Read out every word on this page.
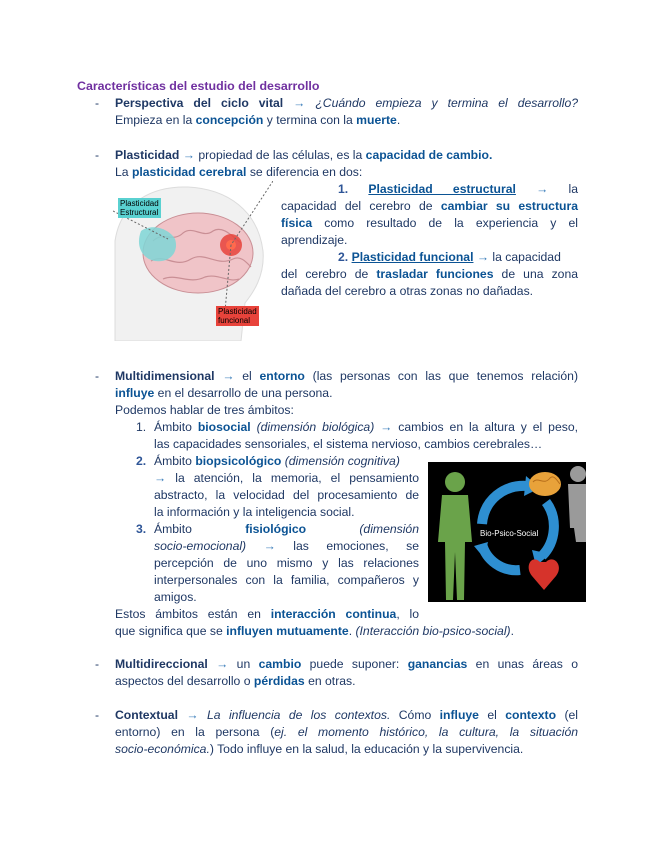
Características del estudio del desarrollo
- Perspectiva del ciclo vital → ¿Cuándo empieza y termina el desarrollo?
Empieza en la concepción y termina con la muerte.
- Plasticidad → propiedad de las células, es la capacidad de cambio.
La plasticidad cerebral se diferencia en dos:
Plasticidad
Estructural
Plasticidad
funcional
1. Plasticidad estructural → la
capacidad del cerebro de cambiar su estructura
física como resultado de la experiencia y el
aprendizaje.
2. Plasticidad funcional → la capacidad
del cerebro de trasladar funciones de una zona
dañada del cerebro a otras zonas no dañadas.
- Multidimensional → el entorno (las personas con las que tenemos relación)
influye en el desarrollo de una persona.
Podemos hablar de tres ámbitos:
1. Ámbito biosocial (dimensión biológica) → cambios en la altura y el peso,
las capacidades sensoriales, el sistema nervioso, cambios cerebrales…
2. Ámbito biopsicológico (dimensión cognitiva)
→ la atención, la memoria, el pensamiento
abstracto, la velocidad del procesamiento de
la información y la inteligencia social.
3. Ámbito	fisiológico	(dimensión
socio-emocional) → las emociones, se
percepción de uno mismo y las relaciones
interpersonales con la familia, compañeros y
amigos.
Estos ámbitos están en interacción continua, lo
que significa que se influyen mutuamente. (Interacción bio-psico-social).
Bio-Psico-Social
- Multidireccional → un cambio puede suponer: ganancias en unas áreas o
aspectos del desarrollo o pérdidas en otras.
- Contextual → La influencia de los contextos. Cómo influye el contexto (el
entorno) en la persona (ej. el momento histórico, la cultura, la situación
socio-económica.) Todo influye en la salud, la educación y la supervivencia.
